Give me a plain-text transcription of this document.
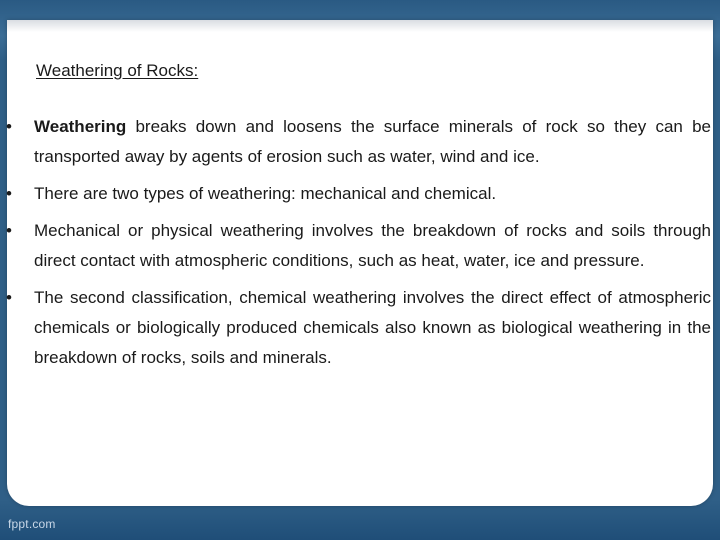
Weathering of Rocks:
• Weathering breaks down and loosens the surface minerals of rock so they can be transported away by agents of erosion such as water, wind and ice.
• There are two types of weathering: mechanical and chemical.
• Mechanical or physical weathering involves the breakdown of rocks and soils through direct contact with atmospheric conditions, such as heat, water, ice and pressure.
• The second classification, chemical weathering involves the direct effect of atmospheric chemicals or biologically produced chemicals also known as biological weathering in the breakdown of rocks, soils and minerals.
fppt.com
